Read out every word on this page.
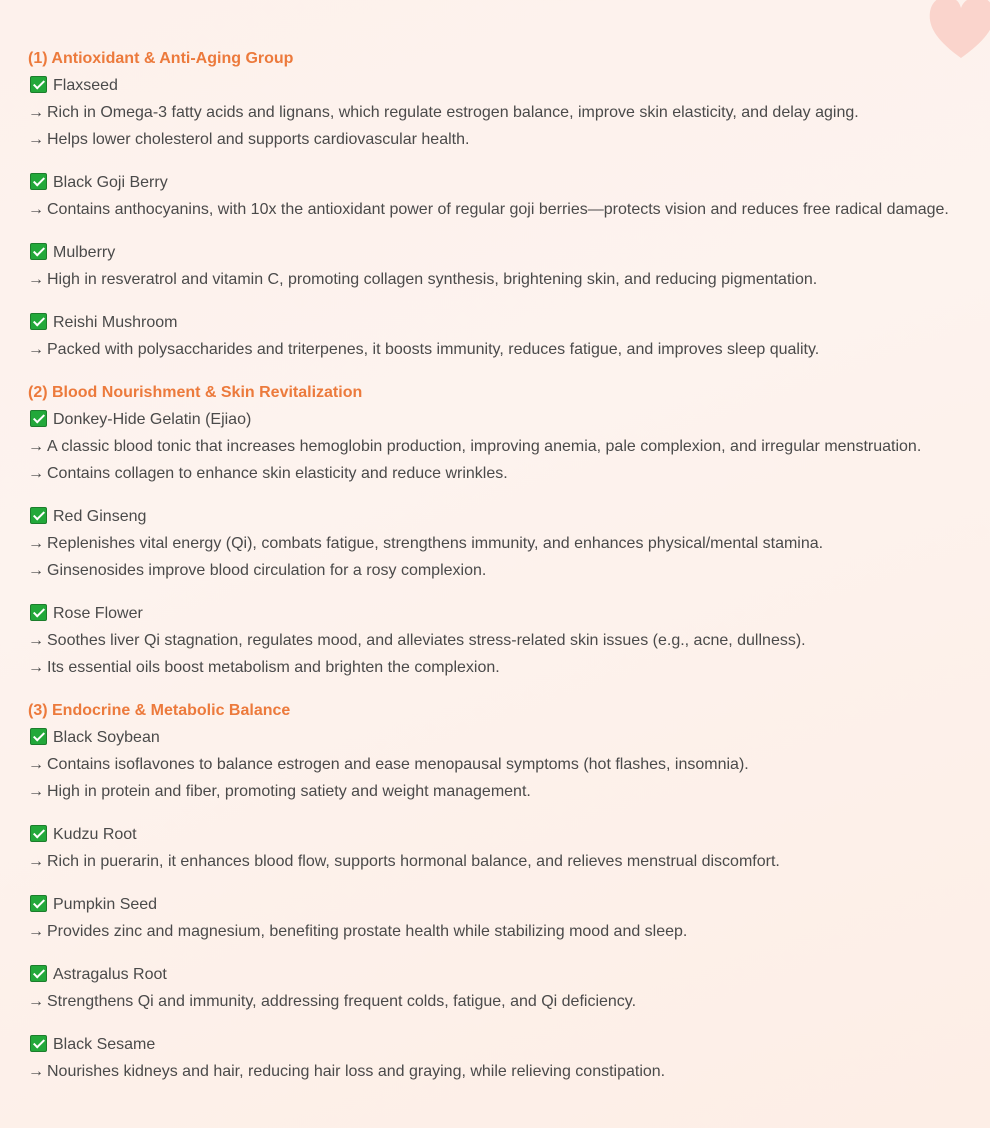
(1) Antioxidant & Anti-Aging Group
Flaxseed
→ Rich in Omega-3 fatty acids and lignans, which regulate estrogen balance, improve skin elasticity, and delay aging.
→ Helps lower cholesterol and supports cardiovascular health.
Black Goji Berry
→ Contains anthocyanins, with 10x the antioxidant power of regular goji berries—protects vision and reduces free radical damage.
Mulberry
→ High in resveratrol and vitamin C, promoting collagen synthesis, brightening skin, and reducing pigmentation.
Reishi Mushroom
→ Packed with polysaccharides and triterpenes, it boosts immunity, reduces fatigue, and improves sleep quality.
(2) Blood Nourishment & Skin Revitalization
Donkey-Hide Gelatin (Ejiao)
→ A classic blood tonic that increases hemoglobin production, improving anemia, pale complexion, and irregular menstruation.
→ Contains collagen to enhance skin elasticity and reduce wrinkles.
Red Ginseng
→ Replenishes vital energy (Qi), combats fatigue, strengthens immunity, and enhances physical/mental stamina.
→ Ginsenosides improve blood circulation for a rosy complexion.
Rose Flower
→ Soothes liver Qi stagnation, regulates mood, and alleviates stress-related skin issues (e.g., acne, dullness).
→ Its essential oils boost metabolism and brighten the complexion.
(3) Endocrine & Metabolic Balance
Black Soybean
→ Contains isoflavones to balance estrogen and ease menopausal symptoms (hot flashes, insomnia).
→ High in protein and fiber, promoting satiety and weight management.
Kudzu Root
→ Rich in puerarin, it enhances blood flow, supports hormonal balance, and relieves menstrual discomfort.
Pumpkin Seed
→ Provides zinc and magnesium, benefiting prostate health while stabilizing mood and sleep.
Astragalus Root
→ Strengthens Qi and immunity, addressing frequent colds, fatigue, and Qi deficiency.
Black Sesame
→ Nourishes kidneys and hair, reducing hair loss and graying, while relieving constipation.
